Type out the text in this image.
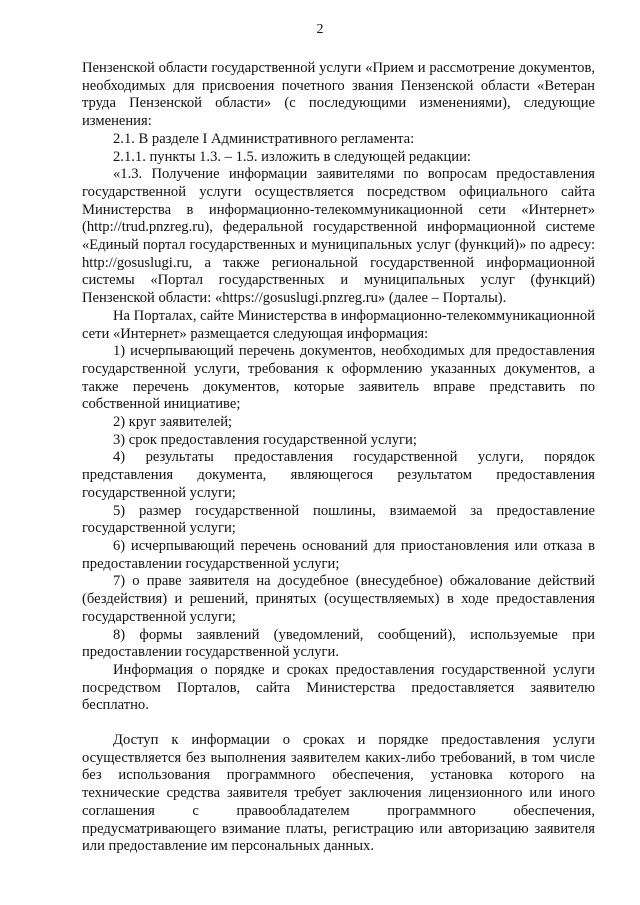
2

Пензенской области государственной услуги «Прием и рассмотрение документов, необходимых для присвоения почетного звания Пензенской области «Ветеран труда Пензенской области» (с последующими изменениями), следующие изменения:

2.1. В разделе I Административного регламента:

2.1.1. пункты 1.3. – 1.5. изложить в следующей редакции:

«1.3. Получение информации заявителями по вопросам предоставления государственной услуги осуществляется посредством официального сайта Министерства в информационно-телекоммуникационной сети «Интернет» (http://trud.pnzreg.ru), федеральной государственной информационной системе «Единый портал государственных и муниципальных услуг (функций)» по адресу: http://gosuslugi.ru, а также региональной государственной информационной системы «Портал государственных и муниципальных услуг (функций) Пензенской области: «https://gosuslugi.pnzreg.ru» (далее – Порталы).

На Порталах, сайте Министерства в информационно-телекоммуникационной сети «Интернет» размещается следующая информация:

1) исчерпывающий перечень документов, необходимых для предоставления государственной услуги, требования к оформлению указанных документов, а также перечень документов, которые заявитель вправе представить по собственной инициативе;

2) круг заявителей;

3) срок предоставления государственной услуги;

4) результаты предоставления государственной услуги, порядок представления документа, являющегося результатом предоставления государственной услуги;

5) размер государственной пошлины, взимаемой за предоставление государственной услуги;

6) исчерпывающий перечень оснований для приостановления или отказа в предоставлении государственной услуги;

7) о праве заявителя на досудебное (внесудебное) обжалование действий (бездействия) и решений, принятых (осуществляемых) в ходе предоставления государственной услуги;

8) формы заявлений (уведомлений, сообщений), используемые при предоставлении государственной услуги.

Информация о порядке и сроках предоставления государственной услуги посредством Порталов, сайта Министерства предоставляется заявителю бесплатно.

Доступ к информации о сроках и порядке предоставления услуги осуществляется без выполнения заявителем каких-либо требований, в том числе без использования программного обеспечения, установка которого на технические средства заявителя требует заключения лицензионного или иного соглашения с правообладателем программного обеспечения, предусматривающего взимание платы, регистрацию или авторизацию заявителя или предоставление им персональных данных.
